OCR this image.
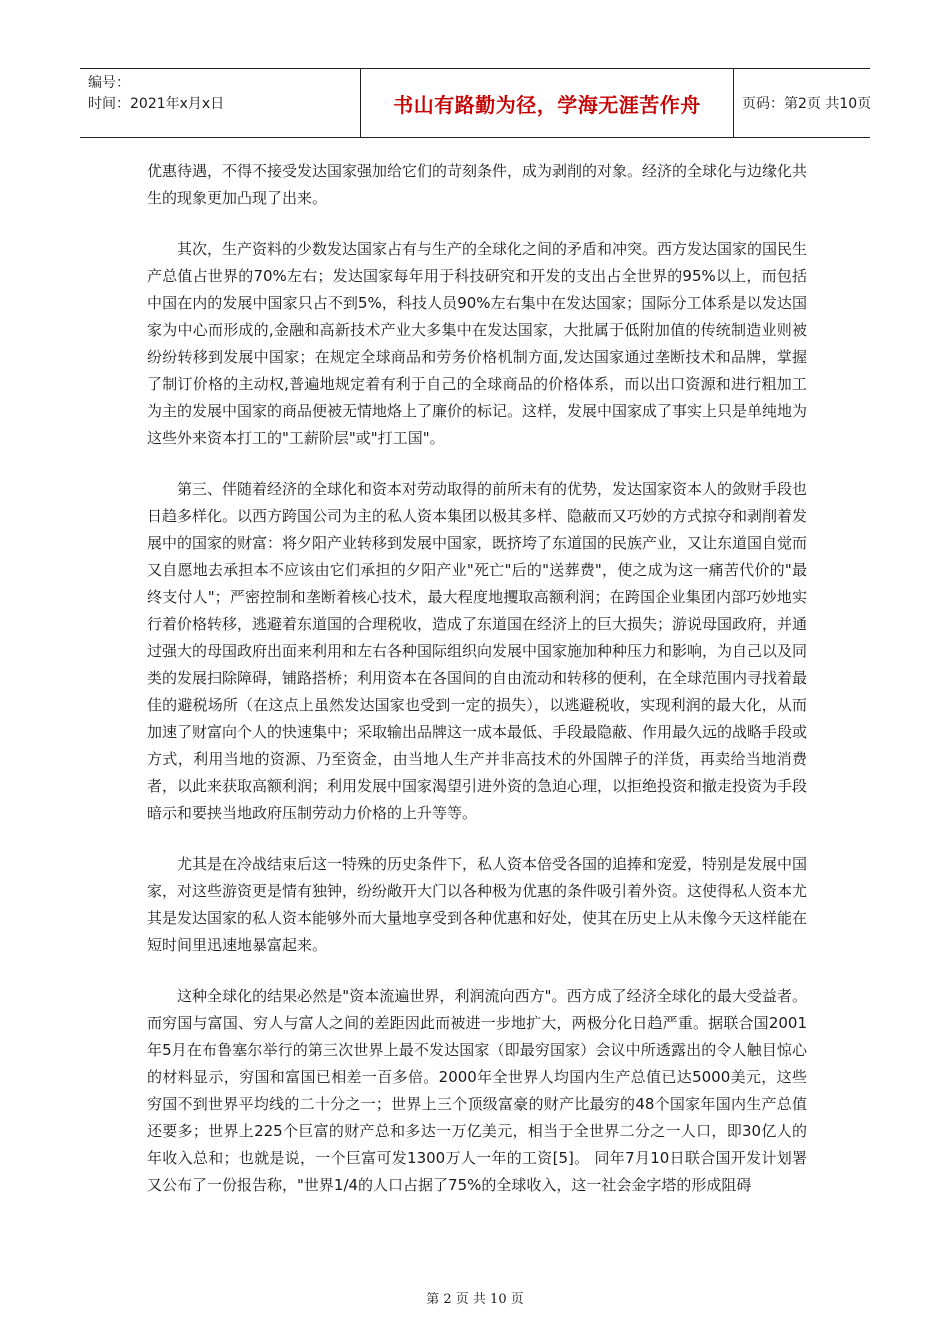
编号：
时间：2021年x月x日	书山有路勤为径，学海无涯苦作舟	页码：第2页 共10页

优惠待遇，不得不接受发达国家强加给它们的苛刻条件，成为剥削的对象。经济的全球化与边缘化共生的现象更加凸现了出来。

其次，生产资料的少数发达国家占有与生产的全球化之间的矛盾和冲突。西方发达国家的国民生产总值占世界的70%左右；发达国家每年用于科技研究和开发的支出占全世界的95%以上，而包括中国在内的发展中国家只占不到5%，科技人员90%左右集中在发达国家；国际分工体系是以发达国家为中心而形成的,金融和高新技术产业大多集中在发达国家，大批属于低附加值的传统制造业则被纷纷转移到发展中国家；在规定全球商品和劳务价格机制方面,发达国家通过垄断技术和品牌，掌握了制订价格的主动权,普遍地规定着有利于自己的全球商品的价格体系，而以出口资源和进行粗加工为主的发展中国家的商品便被无情地烙上了廉价的标记。这样，发展中国家成了事实上只是单纯地为这些外来资本打工的"工薪阶层"或"打工国"。

第三、伴随着经济的全球化和资本对劳动取得的前所未有的优势，发达国家资本人的敛财手段也日趋多样化。以西方跨国公司为主的私人资本集团以极其多样、隐蔽而又巧妙的方式掠夺和剥削着发展中的国家的财富：将夕阳产业转移到发展中国家，既挤垮了东道国的民族产业，又让东道国自觉而又自愿地去承担本不应该由它们承担的夕阳产业"死亡"后的"送葬费"，使之成为这一痛苦代价的"最终支付人"；严密控制和垄断着核心技术，最大程度地攫取高额利润；在跨国企业集团内部巧妙地实行着价格转移，逃避着东道国的合理税收，造成了东道国在经济上的巨大损失；游说母国政府，并通过强大的母国政府出面来利用和左右各种国际组织向发展中国家施加种种压力和影响，为自己以及同类的发展扫除障碍，铺路搭桥；利用资本在各国间的自由流动和转移的便利，在全球范围内寻找着最佳的避税场所（在这点上虽然发达国家也受到一定的损失），以逃避税收，实现利润的最大化，从而加速了财富向个人的快速集中；采取输出品牌这一成本最低、手段最隐蔽、作用最久远的战略手段或方式，利用当地的资源、乃至资金，由当地人生产并非高技术的外国牌子的洋货，再卖给当地消费者，以此来获取高额利润；利用发展中国家渴望引进外资的急迫心理，以拒绝投资和撤走投资为手段暗示和要挟当地政府压制劳动力价格的上升等等。

尤其是在冷战结束后这一特殊的历史条件下，私人资本倍受各国的追捧和宠爱，特别是发展中国家，对这些游资更是情有独钟，纷纷敞开大门以各种极为优惠的条件吸引着外资。这使得私人资本尤其是发达国家的私人资本能够外而大量地享受到各种优惠和好处，使其在历史上从未像今天这样能在短时间里迅速地暴富起来。

这种全球化的结果必然是"资本流遍世界，利润流向西方"。西方成了经济全球化的最大受益者。而穷国与富国、穷人与富人之间的差距因此而被进一步地扩大，两极分化日趋严重。据联合国2001年5月在布鲁塞尔举行的第三次世界上最不发达国家（即最穷国家）会议中所透露出的令人触目惊心的材料显示，穷国和富国已相差一百多倍。2000年全世界人均国内生产总值已达5000美元，这些穷国不到世界平均线的二十分之一；世界上三个顶级富豪的财产比最穷的48个国家年国内生产总值还要多；世界上225个巨富的财产总和多达一万亿美元，相当于全世界二分之一人口，即30亿人的年收入总和；也就是说，一个巨富可发1300万人一年的工资[5]。 同年7月10日联合国开发计划署又公布了一份报告称，"世界1/4的人口占据了75%的全球收入，这一社会金字塔的形成阻碍

第 2 页 共 10 页
